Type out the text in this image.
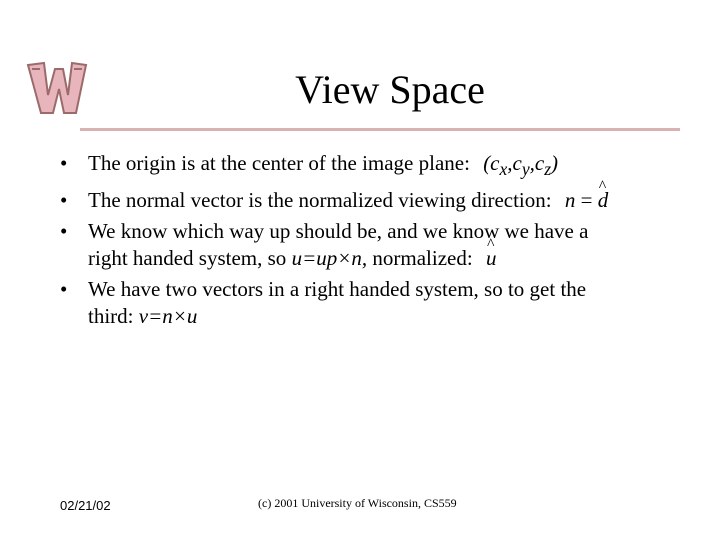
View Space
• The origin is at the center of the image plane: $(c_x,c_y,c_z)$
• The normal vector is the normalized viewing direction: n = ^ d
• We know which way up should be, and we know we have a
right handed system, so u=up×n, normalized: ^ u
• We have two vectors in a right handed system, so to get the
third: v=n×u
02/21/02	(c) 2001 University of Wisconsin, CS559
